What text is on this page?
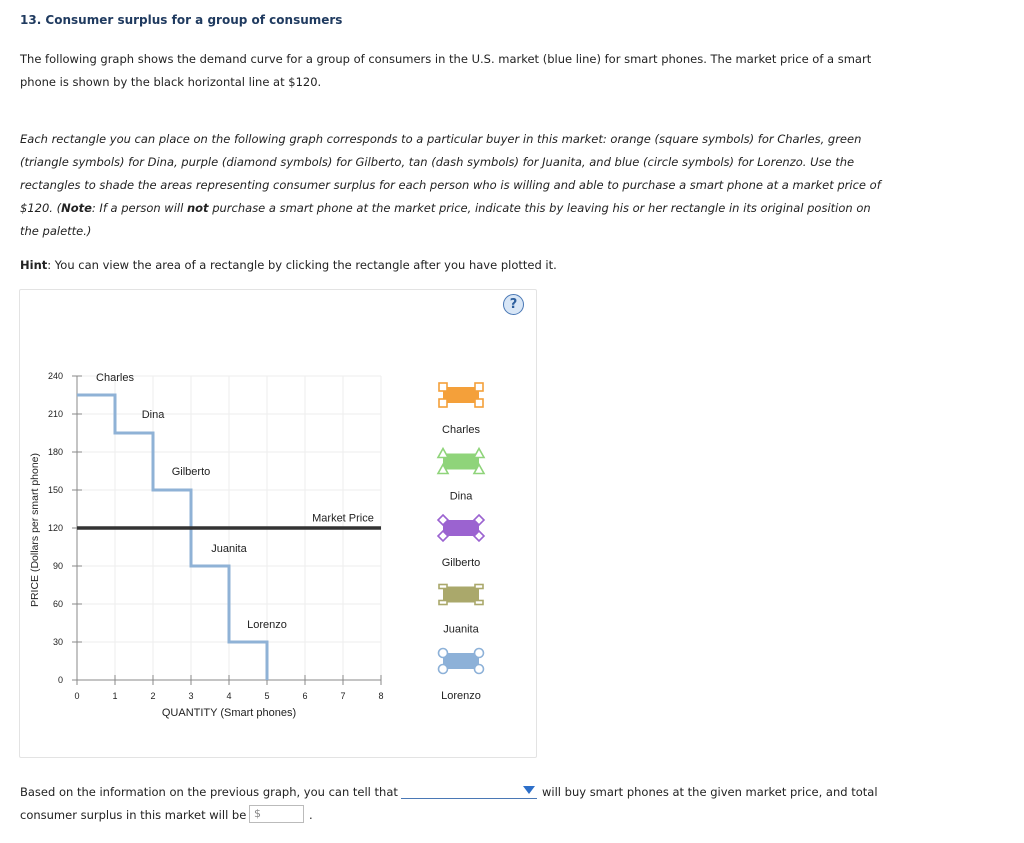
13. Consumer surplus for a group of consumers
The following graph shows the demand curve for a group of consumers in the U.S. market (blue line) for smart phones. The market price of a smart
phone is shown by the black horizontal line at $120.
Each rectangle you can place on the following graph corresponds to a particular buyer in this market: orange (square symbols) for Charles, green
(triangle symbols) for Dina, purple (diamond symbols) for Gilberto, tan (dash symbols) for Juanita, and blue (circle symbols) for Lorenzo. Use the
rectangles to shade the areas representing consumer surplus for each person who is willing and able to purchase a smart phone at a market price of
$120. (Note: If a person will not purchase a smart phone at the market price, indicate this by leaving his or her rectangle in its original position on
the palette.)
Hint: You can view the area of a rectangle by clicking the rectangle after you have plotted it.
?
0
30
60
90
120
150
180
210
240
0	1	2	3	4	5	6	7	8
Charles
Dina
Gilberto
Juanita
Lorenzo
Market Price
PRICE (Dollars per smart phone)
QUANTITY (Smart phones)
Charles
Dina
Gilberto
Juanita
Lorenzo
Based on the information on the previous graph, you can tell that	will buy smart phones at the given market price, and total
consumer surplus in this market will be $	.
